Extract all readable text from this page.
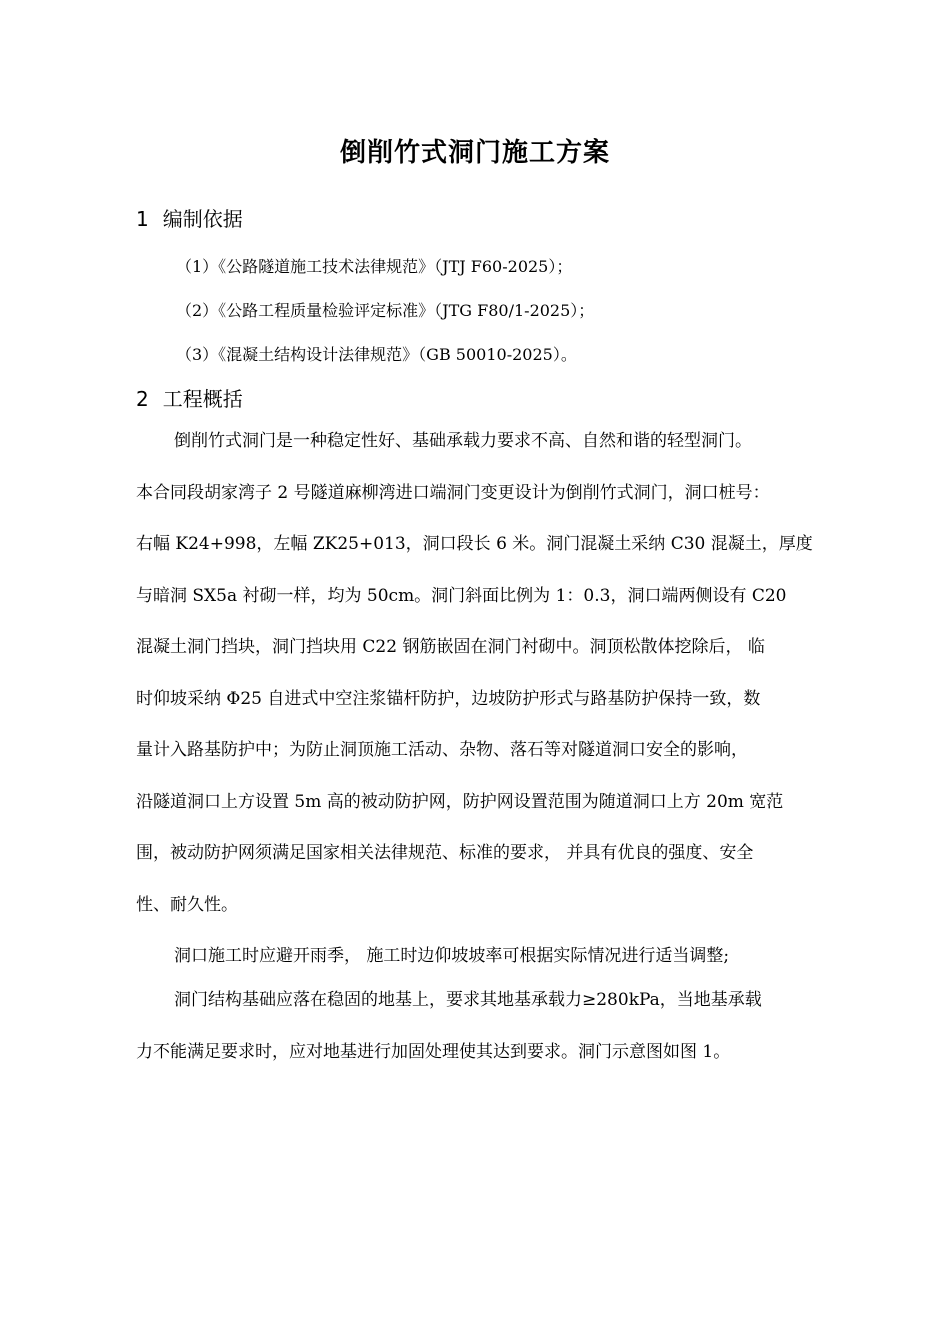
倒削竹式洞门施工方案
1 编制依据
（1）《公路隧道施工技术法律规范》（JTJ F60-2025）；
（2）《公路工程质量检验评定标准》（JTG F80/1-2025）；
（3）《混凝土结构设计法律规范》（GB 50010-2025）。
2 工程概括
倒削竹式洞门是一种稳定性好、基础承载力要求不高、自然和谐的轻型洞门。
本合同段胡家湾子 2 号隧道麻柳湾进口端洞门变更设计为倒削竹式洞门，洞口桩号：
右幅 K24+998，左幅 ZK25+013，洞口段长 6 米。洞门混凝土采纳 C30 混凝土，厚度
与暗洞 SX5a 衬砌一样，均为 50cm。洞门斜面比例为 1：0.3，洞口端两侧设有 C20
混凝土洞门挡块，洞门挡块用 C22 钢筋嵌固在洞门衬砌中。洞顶松散体挖除后， 临
时仰坡采纳 Φ25 自进式中空注浆锚杆防护，边坡防护形式与路基防护保持一致，数
量计入路基防护中；为防止洞顶施工活动、杂物、落石等对隧道洞口安全的影响，
沿隧道洞口上方设置 5m 高的被动防护网，防护网设置范围为随道洞口上方 20m 宽范
围，被动防护网须满足国家相关法律规范、标准的要求， 并具有优良的强度、安全
性、耐久性。
洞口施工时应避开雨季， 施工时边仰坡坡率可根据实际情况进行适当调整;
洞门结构基础应落在稳固的地基上，要求其地基承载力≥280kPa，当地基承载
力不能满足要求时，应对地基进行加固处理使其达到要求。洞门示意图如图 1。
